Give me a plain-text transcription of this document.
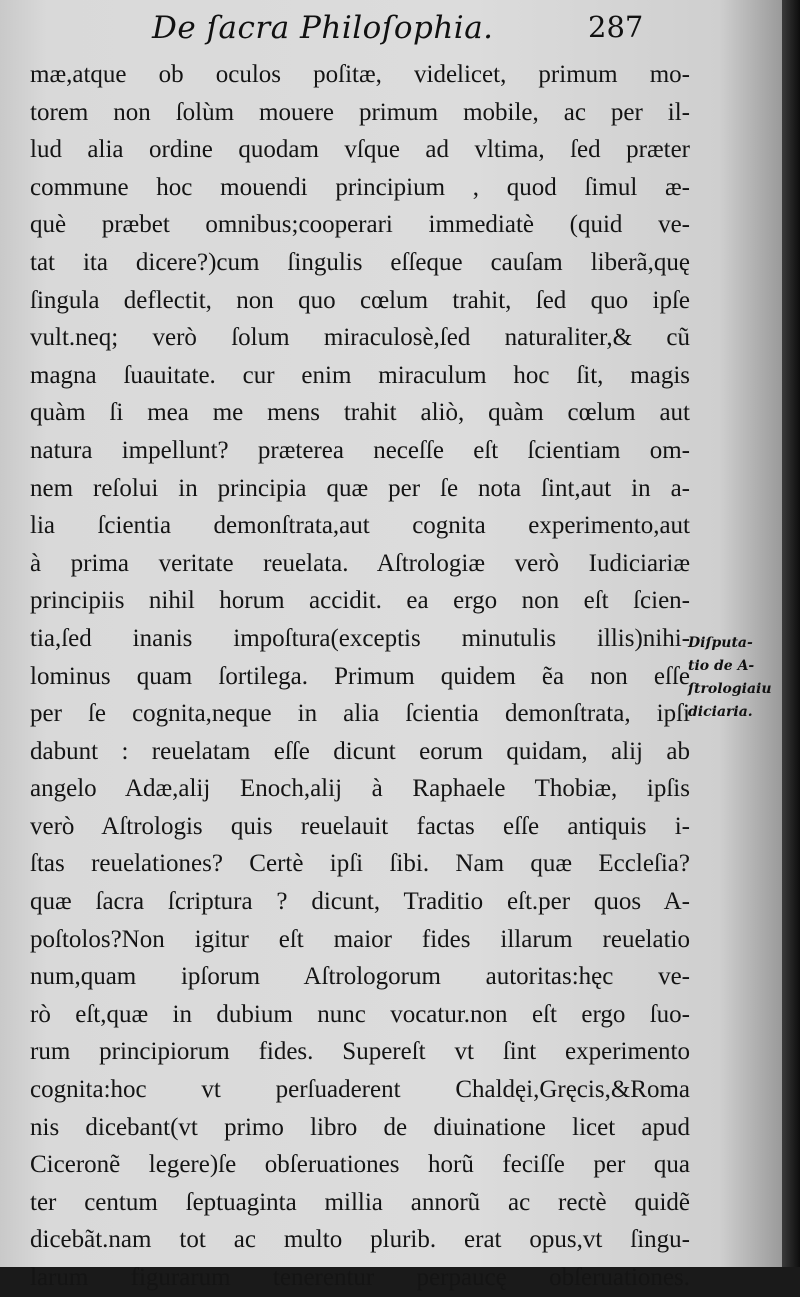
De ſacra Philoſophia.	287
mæ,atque ob oculos poſitæ, videlicet, primum mo-
torem non ſolùm mouere primum mobile, ac per il-
lud alia ordine quodam vſque ad vltima, ſed præter
commune hoc mouendi principium , quod ſimul æ-
què præbet omnibus;cooperari immediatè (quid ve-
tat ita dicere?)cum ſingulis eſſeque cauſam liberã,quę
ſingula deflectit, non quo cœlum trahit, ſed quo ipſe
vult.neq; verò ſolum miraculosè,ſed naturaliter,& cũ
magna ſuauitate. cur enim miraculum hoc ſit, magis
quàm ſi mea me mens trahit aliò, quàm cœlum aut
natura impellunt? præterea neceſſe eſt ſcientiam om-
nem reſolui in principia quæ per ſe nota ſint,aut in a-
lia ſcientia demonſtrata,aut cognita experimento,aut
à prima veritate reuelata. Aſtrologiæ verò Iudiciariæ
principiis nihil horum accidit. ea ergo non eſt ſcien-
tia,ſed inanis impoſtura(exceptis minutulis illis)nihi-
lominus quam ſortilega. Primum quidem ẽa non eſſe
per ſe cognita,neque in alia ſcientia demonſtrata, ipſi
dabunt : reuelatam eſſe dicunt eorum quidam, alij ab
angelo Adæ,alij Enoch,alij à Raphaele Thobiæ, ipſis
verò Aſtrologis quis reuelauit factas eſſe antiquis i-
ſtas reuelationes? Certè ipſi ſibi. Nam quæ Eccleſia?
quæ ſacra ſcriptura ? dicunt, Traditio eſt.per quos A-
poſtolos?Non igitur eſt maior fides illarum reuelatio
num,quam ipſorum Aſtrologorum autoritas:hęc ve-
rò eſt,quæ in dubium nunc vocatur.non eſt ergo ſuo-
rum principiorum fides. Supereſt vt ſint experimento
cognita:hoc vt perſuaderent Chaldęi,Gręcis,&Roma
nis dicebant(vt primo libro de diuinatione licet apud
Ciceronẽ legere)ſe obſeruationes horũ feciſſe per qua
ter centum ſeptuaginta millia annorũ ac rectè quidẽ
dicebãt.nam tot ac multo plurib. erat opus,vt ſingu-
larum figurarum tenerentur perpaucę obſeruationes.
Diſputa-
tio de A-
ſtrologiaiu
diciaria.
